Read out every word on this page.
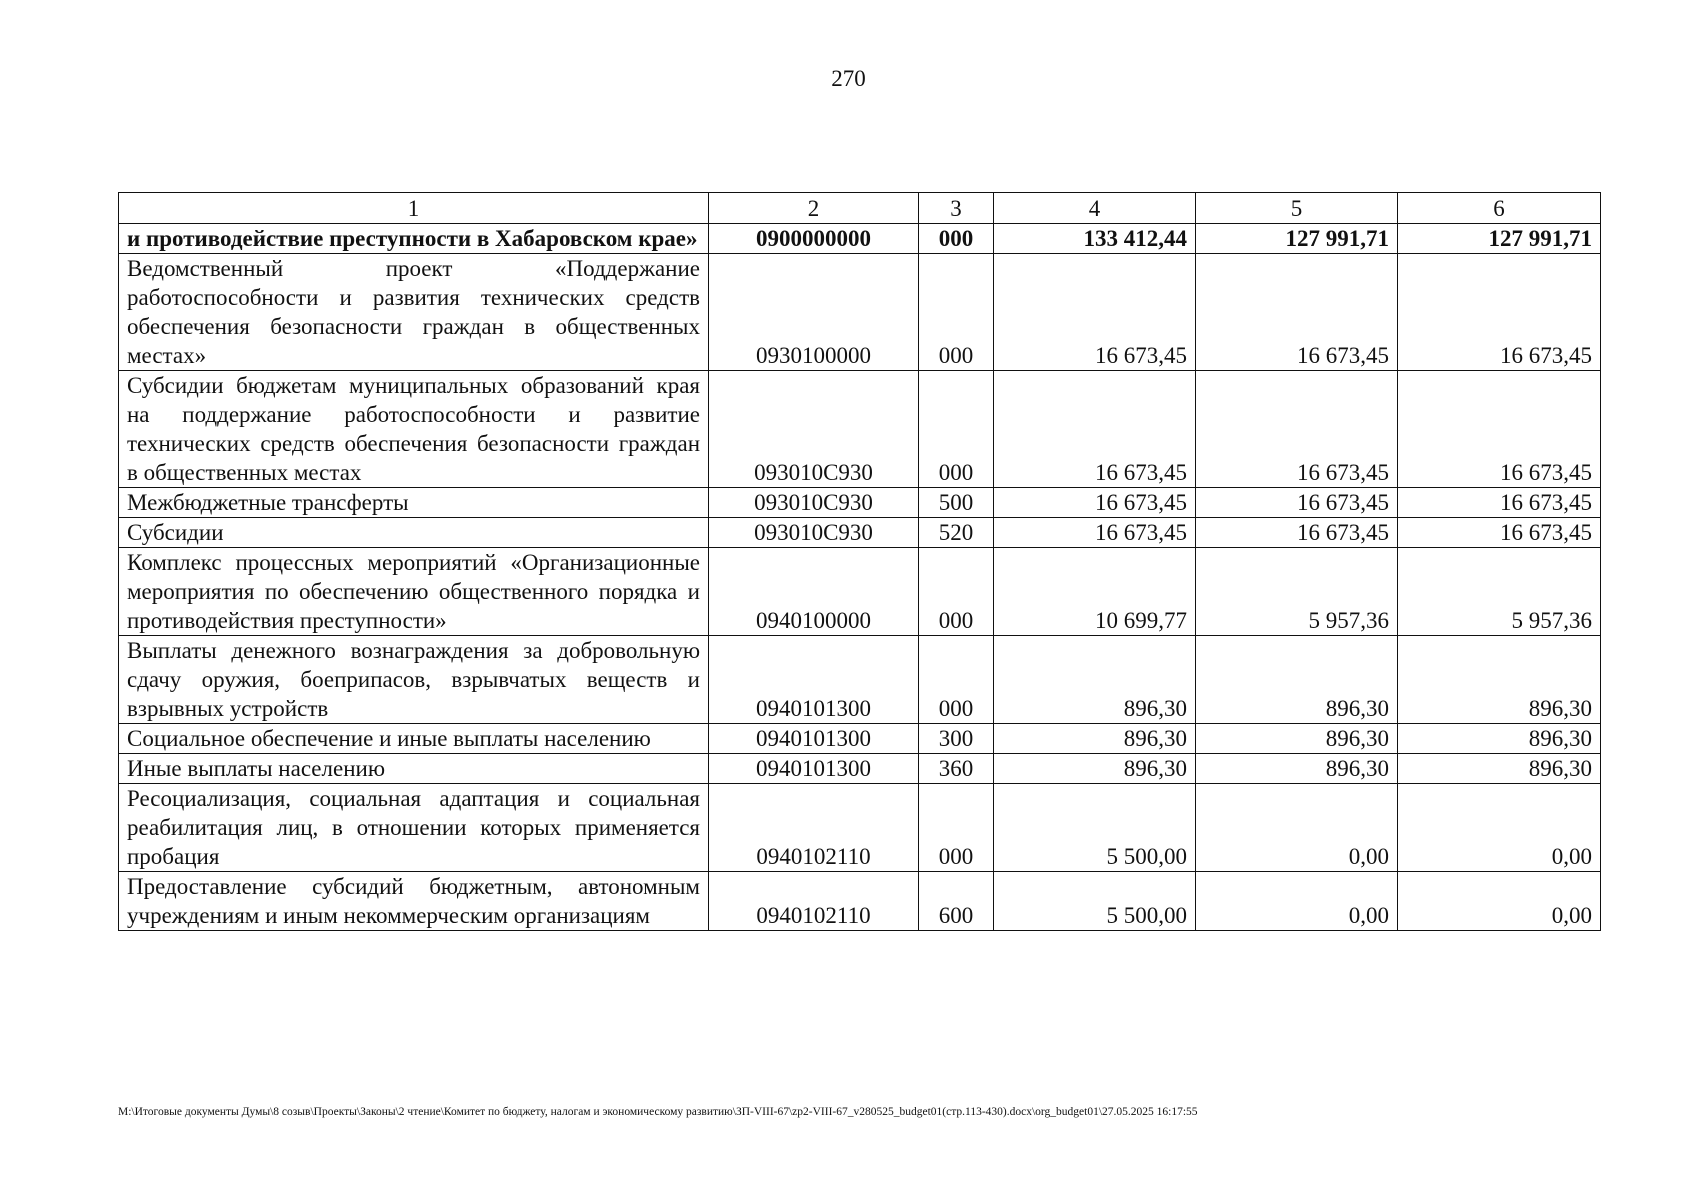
270
1	2	3	4	5	6
и противодействие преступности в Хабаровском крае»	0900000000	000	133 412,44	127 991,71	127 991,71
Ведомственный проект «Поддержание работоспособности и развития технических средств обеспечения безопасности граждан в общественных местах»	0930100000	000	16 673,45	16 673,45	16 673,45
Субсидии бюджетам муниципальных образований края на поддержание работоспособности и развитие технических средств обеспечения безопасности граждан в общественных местах	093010С930	000	16 673,45	16 673,45	16 673,45
Межбюджетные трансферты	093010С930	500	16 673,45	16 673,45	16 673,45
Субсидии	093010С930	520	16 673,45	16 673,45	16 673,45
Комплекс процессных мероприятий «Организационные мероприятия по обеспечению общественного порядка и противодействия преступности»	0940100000	000	10 699,77	5 957,36	5 957,36
Выплаты денежного вознаграждения за добровольную сдачу оружия, боеприпасов, взрывчатых веществ и взрывных устройств	0940101300	000	896,30	896,30	896,30
Социальное обеспечение и иные выплаты населению	0940101300	300	896,30	896,30	896,30
Иные выплаты населению	0940101300	360	896,30	896,30	896,30
Ресоциализация, социальная адаптация и социальная реабилитация лиц, в отношении которых применяется пробация	0940102110	000	5 500,00	0,00	0,00
Предоставление субсидий бюджетным, автономным учреждениям и иным некоммерческим организациям	0940102110	600	5 500,00	0,00	0,00
M:\Итоговые документы Думы\8 созыв\Проекты\Законы\2 чтение\Комитет по бюджету, налогам и экономическому развитию\ЗП-VIII-67\zp2-VIII-67_v280525_budget01(стр.113-430).docx\org_budget01\27.05.2025 16:17:55
